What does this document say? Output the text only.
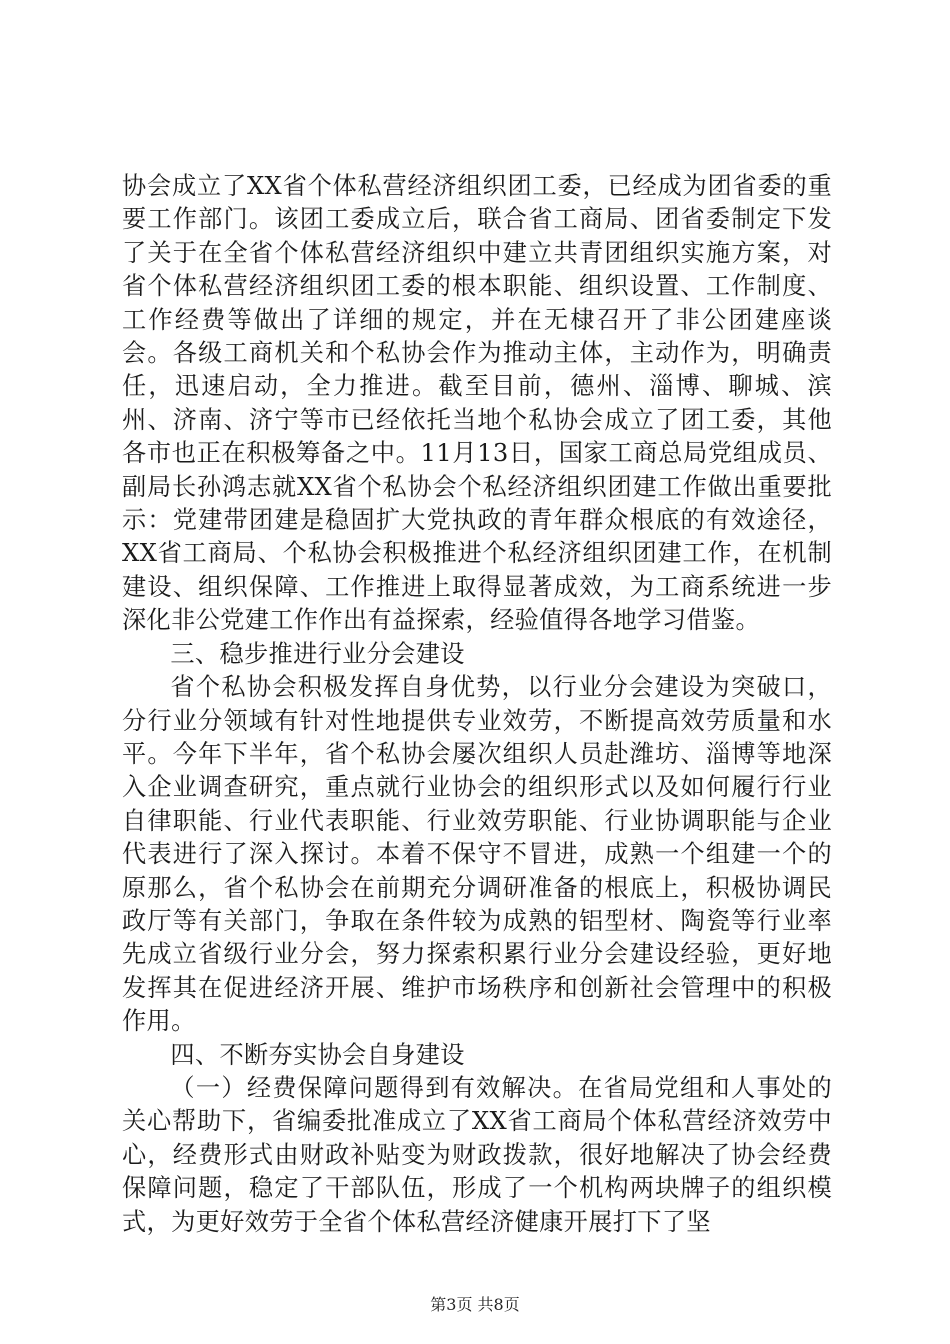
协会成立了XX省个体私营经济组织团工委，已经成为团省委的重要工作部门。该团工委成立后，联合省工商局、团省委制定下发了关于在全省个体私营经济组织中建立共青团组织实施方案，对省个体私营经济组织团工委的根本职能、组织设置、工作制度、工作经费等做出了详细的规定，并在无棣召开了非公团建座谈会。各级工商机关和个私协会作为推动主体，主动作为，明确责任，迅速启动，全力推进。截至目前，德州、淄博、聊城、滨州、济南、济宁等市已经依托当地个私协会成立了团工委，其他各市也正在积极筹备之中。11月13日，国家工商总局党组成员、副局长孙鸿志就XX省个私协会个私经济组织团建工作做出重要批示：党建带团建是稳固扩大党执政的青年群众根底的有效途径，XX省工商局、个私协会积极推进个私经济组织团建工作，在机制建设、组织保障、工作推进上取得显著成效，为工商系统进一步深化非公党建工作作出有益探索，经验值得各地学习借鉴。

三、稳步推进行业分会建设

省个私协会积极发挥自身优势，以行业分会建设为突破口，分行业分领域有针对性地提供专业效劳，不断提高效劳质量和水平。今年下半年，省个私协会屡次组织人员赴潍坊、淄博等地深入企业调查研究，重点就行业协会的组织形式以及如何履行行业自律职能、行业代表职能、行业效劳职能、行业协调职能与企业代表进行了深入探讨。本着不保守不冒进，成熟一个组建一个的原那么，省个私协会在前期充分调研准备的根底上，积极协调民政厅等有关部门，争取在条件较为成熟的铝型材、陶瓷等行业率先成立省级行业分会，努力探索积累行业分会建设经验，更好地发挥其在促进经济开展、维护市场秩序和创新社会管理中的积极作用。

四、不断夯实协会自身建设

（一）经费保障问题得到有效解决。在省局党组和人事处的关心帮助下，省编委批准成立了XX省工商局个体私营经济效劳中心，经费形式由财政补贴变为财政拨款，很好地解决了协会经费保障问题，稳定了干部队伍，形成了一个机构两块牌子的组织模式，为更好效劳于全省个体私营经济健康开展打下了坚

第3页 共8页
